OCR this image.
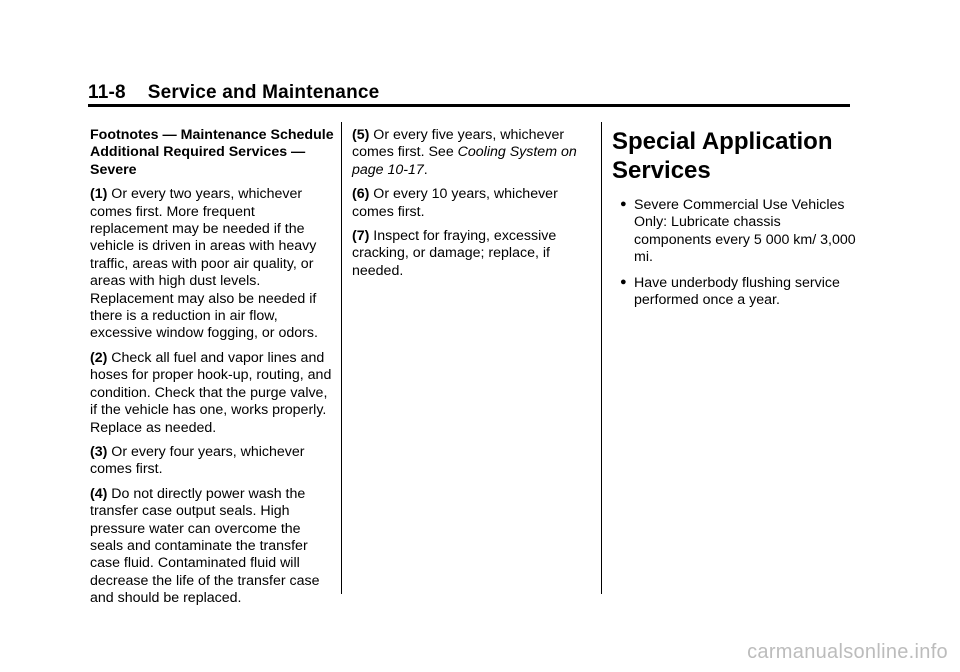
11-8 Service and Maintenance

Footnotes — Maintenance Schedule Additional Required Services — Severe

(1) Or every two years, whichever comes first. More frequent replacement may be needed if the vehicle is driven in areas with heavy traffic, areas with poor air quality, or areas with high dust levels. Replacement may also be needed if there is a reduction in air flow, excessive window fogging, or odors.

(2) Check all fuel and vapor lines and hoses for proper hook-up, routing, and condition. Check that the purge valve, if the vehicle has one, works properly. Replace as needed.

(3) Or every four years, whichever comes first.

(4) Do not directly power wash the transfer case output seals. High pressure water can overcome the seals and contaminate the transfer case fluid. Contaminated fluid will decrease the life of the transfer case and should be replaced.

(5) Or every five years, whichever comes first. See Cooling System on page 10-17.

(6) Or every 10 years, whichever comes first.

(7) Inspect for fraying, excessive cracking, or damage; replace, if needed.

Special Application Services
● Severe Commercial Use Vehicles Only: Lubricate chassis components every 5 000 km/ 3,000 mi.
● Have underbody flushing service performed once a year.
carmanualsonline.info
